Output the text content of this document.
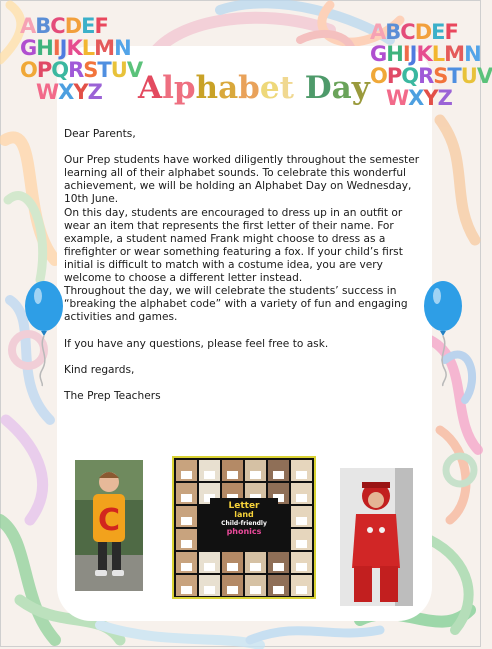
ABCDEF
GHIJKLMN
OPQRSTUV
WXYZ
ABCDEF
GHIJKLMN
OPQRSTUV
WXYZ
Alphabet Day

Dear Parents,

Our Prep students have worked diligently throughout the semester learning all of their alphabet sounds. To celebrate this wonderful achievement, we will be holding an Alphabet Day on Wednesday, 10th June.

On this day, students are encouraged to dress up in an outfit or wear an item that represents the first letter of their name. For example, a student named Frank might choose to dress as a firefighter or wear something featuring a fox. If your child’s first initial is difficult to match with a costume idea, you are very welcome to choose a different letter instead.

Throughout the day, we will celebrate the students’ success in “breaking the alphabet code” with a variety of fun and engaging activities and games.

If you have any questions, please feel free to ask.

Kind regards,

The Prep Teachers

C	Letter
land
Child-friendly
phonics
